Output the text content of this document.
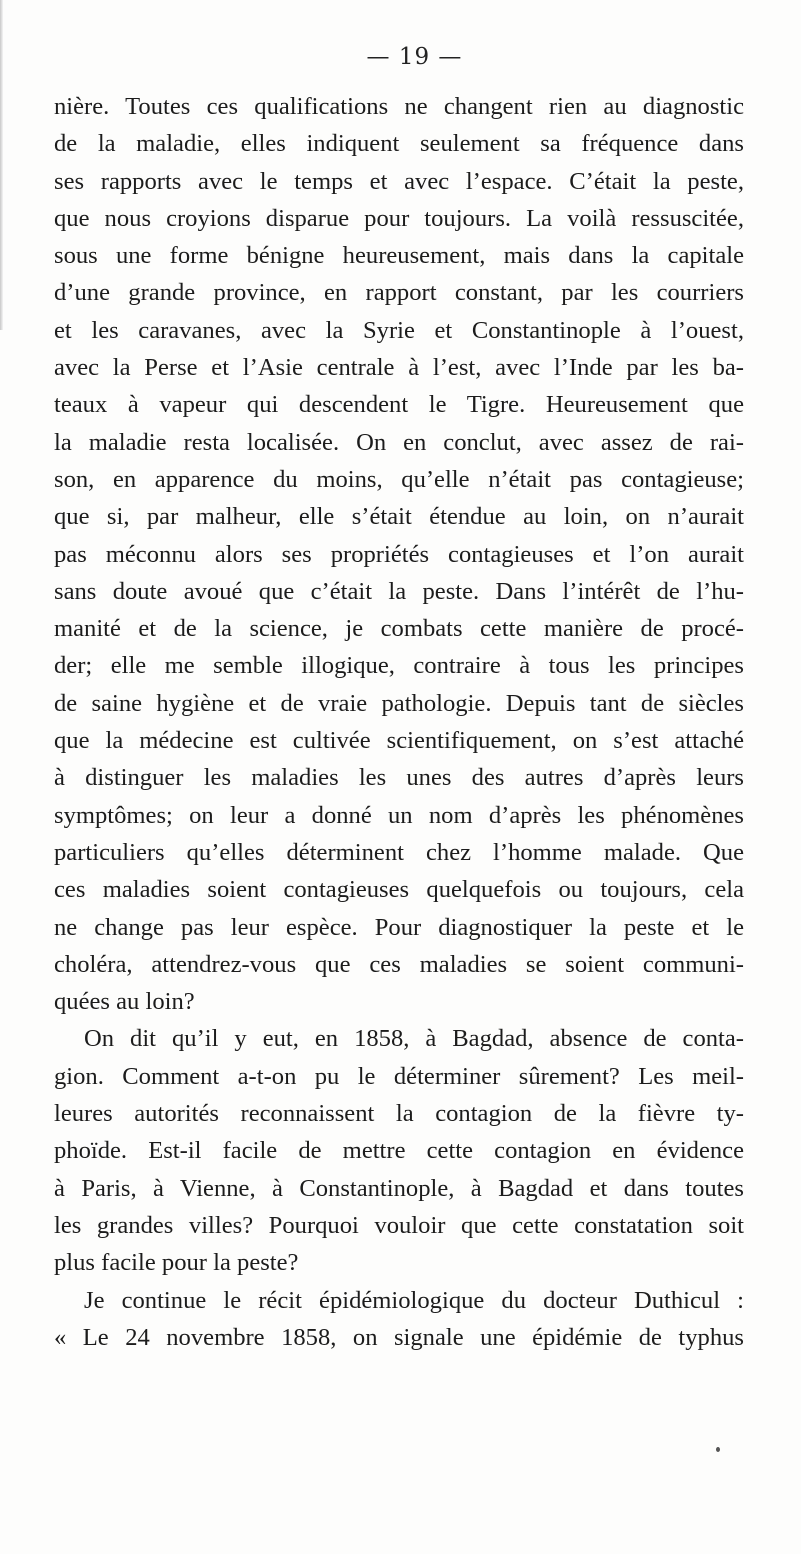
— 19 —
nière. Toutes ces qualifications ne changent rien au diagnostic
de la maladie, elles indiquent seulement sa fréquence dans
ses rapports avec le temps et avec l’espace. C’était la peste,
que nous croyions disparue pour toujours. La voilà ressuscitée,
sous une forme bénigne heureusement, mais dans la capitale
d’une grande province, en rapport constant, par les courriers
et les caravanes, avec la Syrie et Constantinople à l’ouest,
avec la Perse et l’Asie centrale à l’est, avec l’Inde par les ba-
teaux à vapeur qui descendent le Tigre. Heureusement que
la maladie resta localisée. On en conclut, avec assez de rai-
son, en apparence du moins, qu’elle n’était pas contagieuse;
que si, par malheur, elle s’était étendue au loin, on n’aurait
pas méconnu alors ses propriétés contagieuses et l’on aurait
sans doute avoué que c’était la peste. Dans l’intérêt de l’hu-
manité et de la science, je combats cette manière de procé-
der; elle me semble illogique, contraire à tous les principes
de saine hygiène et de vraie pathologie. Depuis tant de siècles
que la médecine est cultivée scientifiquement, on s’est attaché
à distinguer les maladies les unes des autres d’après leurs
symptômes; on leur a donné un nom d’après les phénomènes
particuliers qu’elles déterminent chez l’homme malade. Que
ces maladies soient contagieuses quelquefois ou toujours, cela
ne change pas leur espèce. Pour diagnostiquer la peste et le
choléra, attendrez-vous que ces maladies se soient communi-
quées au loin?
On dit qu’il y eut, en 1858, à Bagdad, absence de conta-
gion. Comment a-t-on pu le déterminer sûrement? Les meil-
leures autorités reconnaissent la contagion de la fièvre ty-
phoïde. Est-il facile de mettre cette contagion en évidence
à Paris, à Vienne, à Constantinople, à Bagdad et dans toutes
les grandes villes? Pourquoi vouloir que cette constatation soit
plus facile pour la peste?
Je continue le récit épidémiologique du docteur Duthicul :
« Le 24 novembre 1858, on signale une épidémie de typhus
